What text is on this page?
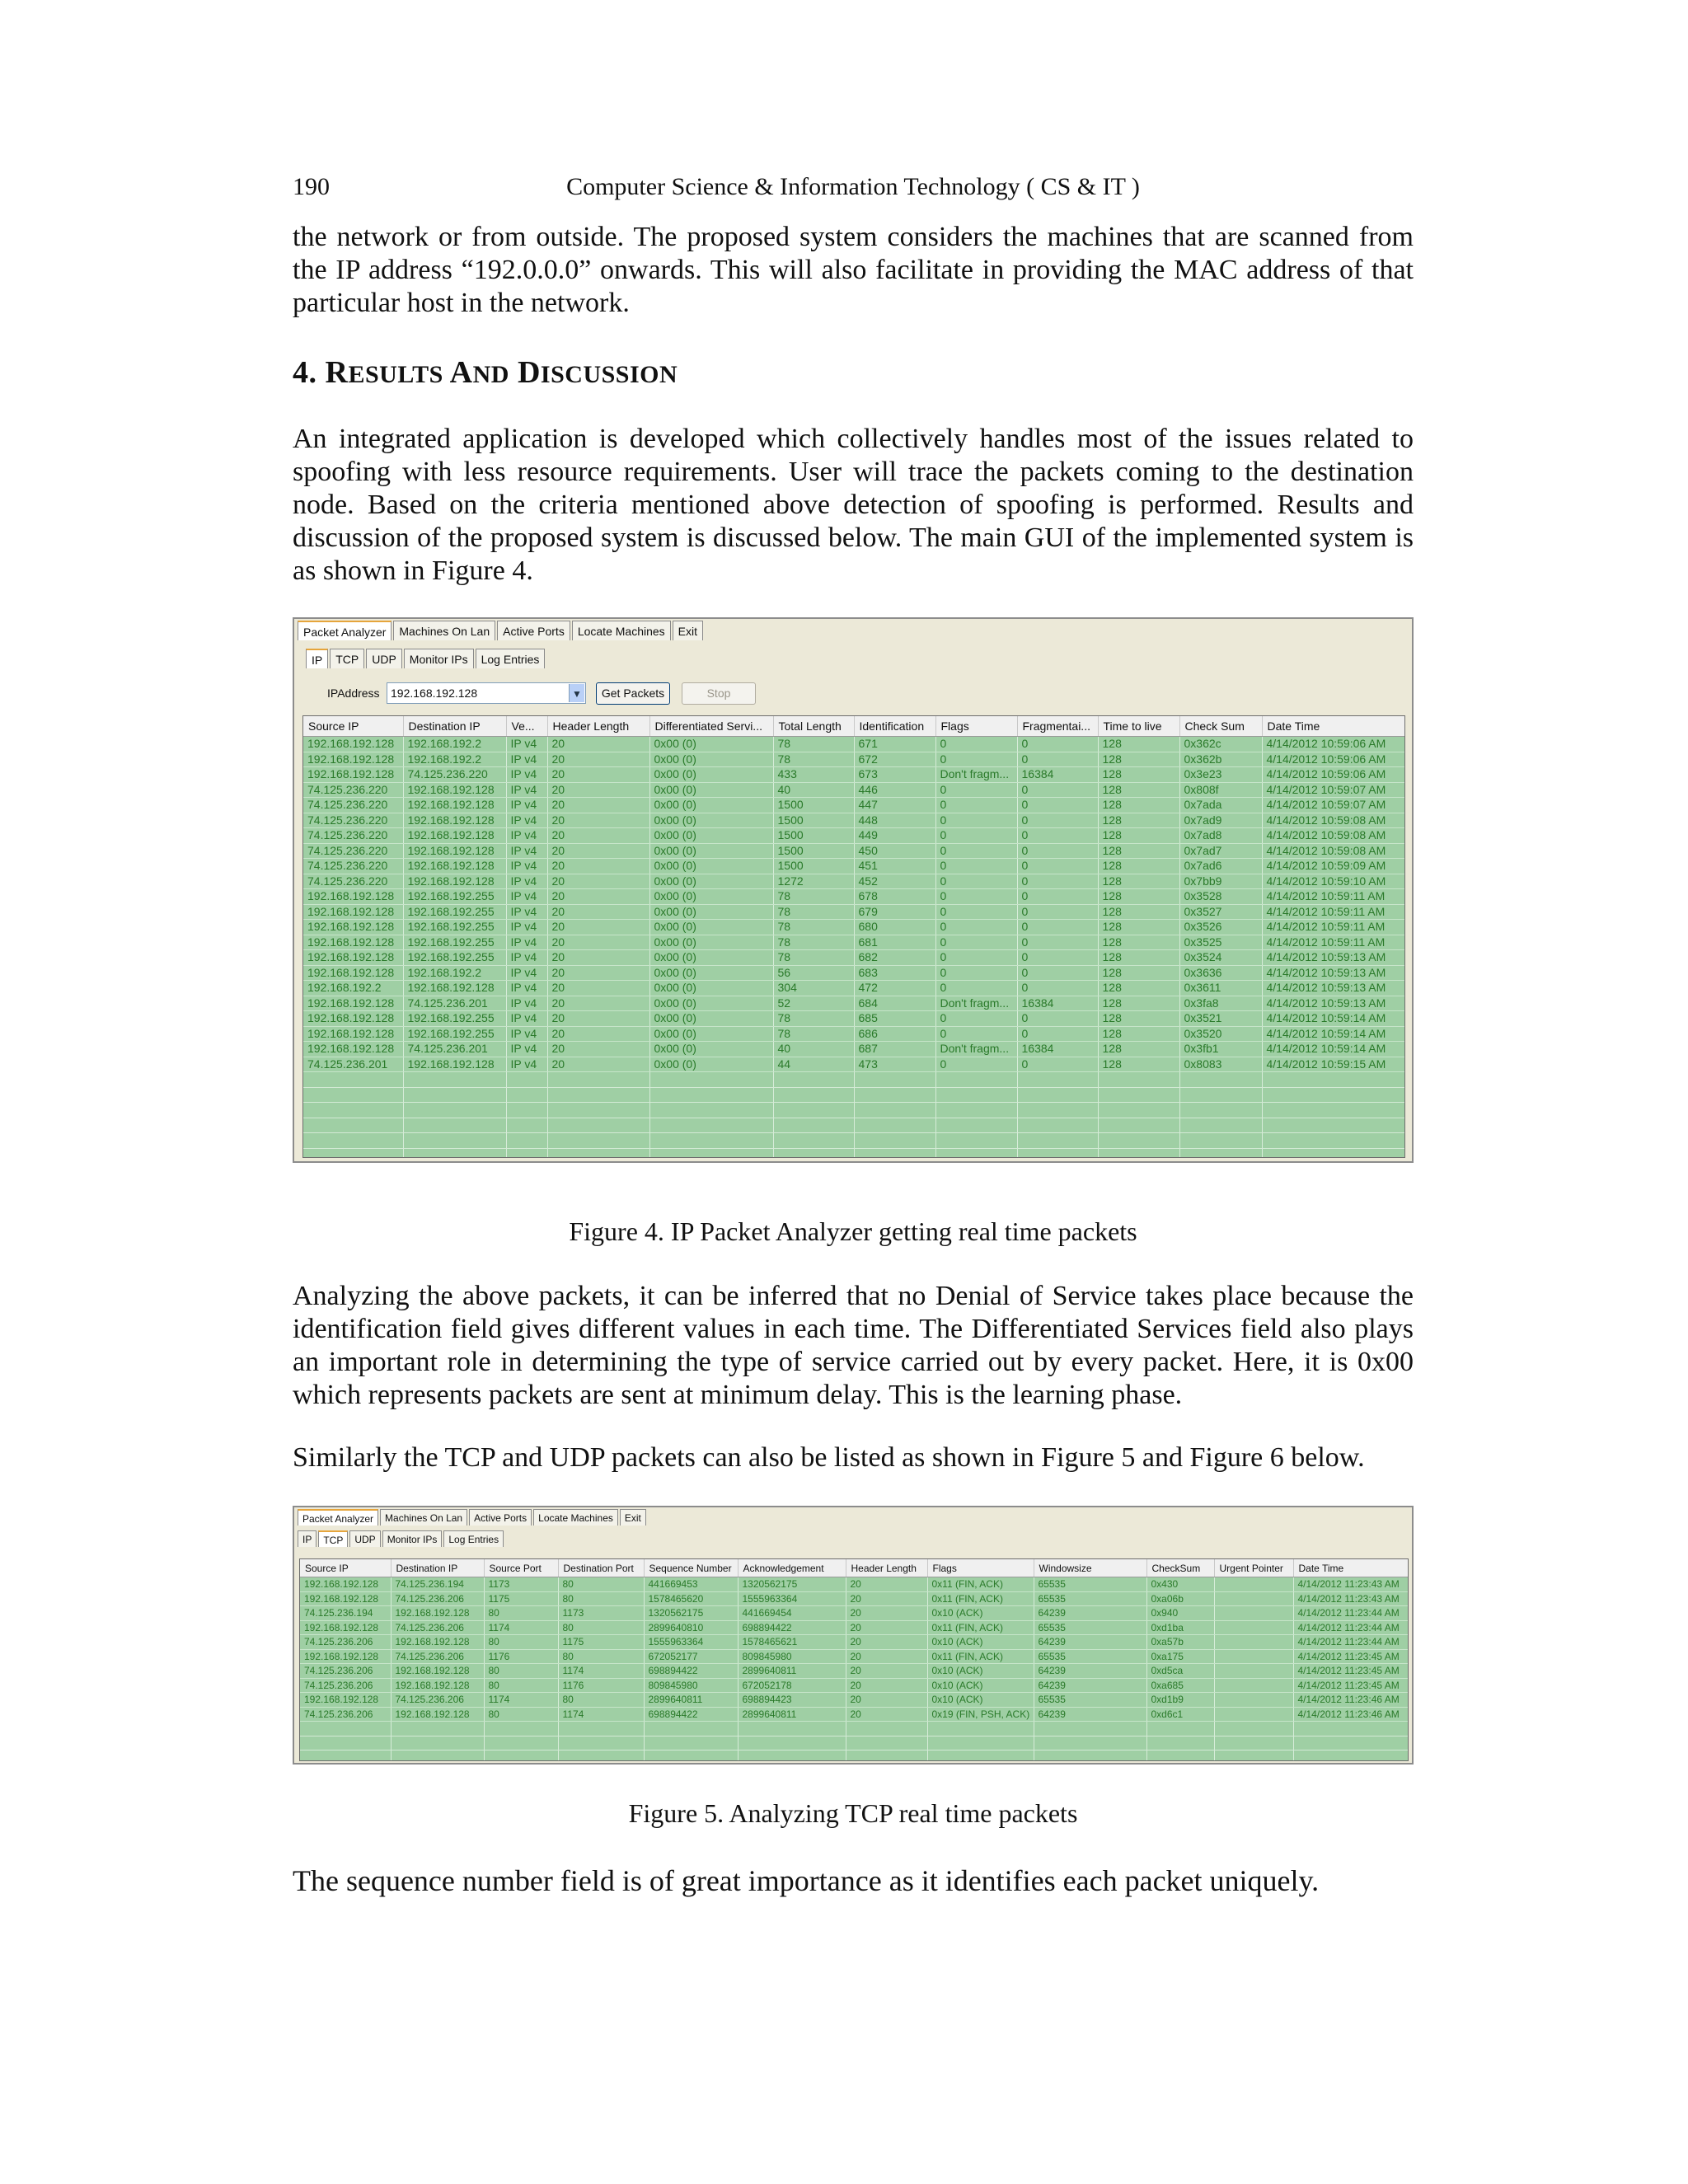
190	Computer Science & Information Technology ( CS & IT )

the network or from outside. The proposed system considers the machines that are scanned from the IP address “192.0.0.0” onwards. This will also facilitate in providing the MAC address of that particular host in the network.

4. RESULTS AND DISCUSSION

An integrated application is developed which collectively handles most of the issues related to spoofing with less resource requirements. User will trace the packets coming to the destination node. Based on the criteria mentioned above detection of spoofing is performed. Results and discussion of the proposed system is discussed below. The main GUI of the implemented system is as shown in Figure 4.

Packet Analyzer	Machines On Lan	Active Ports	Locate Machines	Exit
IP	TCP	UDP	Monitor IPs	Log Entries
IPAddress 192.168.192.128	▼	Get Packets	Stop
Source IP	Destination IP	Ve...	Header Length	Differentiated Servi...	Total Length	Identification	Flags	Fragmentai...	Time to live	Check Sum	Date Time
192.168.192.128	192.168.192.2	IP v4	20	0x00 (0)	78	671	0	0	128	0x362c	4/14/2012 10:59:06 AM
192.168.192.128	192.168.192.2	IP v4	20	0x00 (0)	78	672	0	0	128	0x362b	4/14/2012 10:59:06 AM
192.168.192.128	74.125.236.220	IP v4	20	0x00 (0)	433	673	Don't fragm...	16384	128	0x3e23	4/14/2012 10:59:06 AM
74.125.236.220	192.168.192.128	IP v4	20	0x00 (0)	40	446	0	0	128	0x808f	4/14/2012 10:59:07 AM
74.125.236.220	192.168.192.128	IP v4	20	0x00 (0)	1500	447	0	0	128	0x7ada	4/14/2012 10:59:07 AM
74.125.236.220	192.168.192.128	IP v4	20	0x00 (0)	1500	448	0	0	128	0x7ad9	4/14/2012 10:59:08 AM
74.125.236.220	192.168.192.128	IP v4	20	0x00 (0)	1500	449	0	0	128	0x7ad8	4/14/2012 10:59:08 AM
74.125.236.220	192.168.192.128	IP v4	20	0x00 (0)	1500	450	0	0	128	0x7ad7	4/14/2012 10:59:08 AM
74.125.236.220	192.168.192.128	IP v4	20	0x00 (0)	1500	451	0	0	128	0x7ad6	4/14/2012 10:59:09 AM
74.125.236.220	192.168.192.128	IP v4	20	0x00 (0)	1272	452	0	0	128	0x7bb9	4/14/2012 10:59:10 AM
192.168.192.128	192.168.192.255	IP v4	20	0x00 (0)	78	678	0	0	128	0x3528	4/14/2012 10:59:11 AM
192.168.192.128	192.168.192.255	IP v4	20	0x00 (0)	78	679	0	0	128	0x3527	4/14/2012 10:59:11 AM
192.168.192.128	192.168.192.255	IP v4	20	0x00 (0)	78	680	0	0	128	0x3526	4/14/2012 10:59:11 AM
192.168.192.128	192.168.192.255	IP v4	20	0x00 (0)	78	681	0	0	128	0x3525	4/14/2012 10:59:11 AM
192.168.192.128	192.168.192.255	IP v4	20	0x00 (0)	78	682	0	0	128	0x3524	4/14/2012 10:59:13 AM
192.168.192.128	192.168.192.2	IP v4	20	0x00 (0)	56	683	0	0	128	0x3636	4/14/2012 10:59:13 AM
192.168.192.2	192.168.192.128	IP v4	20	0x00 (0)	304	472	0	0	128	0x3611	4/14/2012 10:59:13 AM
192.168.192.128	74.125.236.201	IP v4	20	0x00 (0)	52	684	Don't fragm...	16384	128	0x3fa8	4/14/2012 10:59:13 AM
192.168.192.128	192.168.192.255	IP v4	20	0x00 (0)	78	685	0	0	128	0x3521	4/14/2012 10:59:14 AM
192.168.192.128	192.168.192.255	IP v4	20	0x00 (0)	78	686	0	0	128	0x3520	4/14/2012 10:59:14 AM
192.168.192.128	74.125.236.201	IP v4	20	0x00 (0)	40	687	Don't fragm...	16384	128	0x3fb1	4/14/2012 10:59:14 AM
74.125.236.201	192.168.192.128	IP v4	20	0x00 (0)	44	473	0	0	128	0x8083	4/14/2012 10:59:15 AM

Figure 4. IP Packet Analyzer getting real time packets

Analyzing the above packets, it can be inferred that no Denial of Service takes place because the identification field gives different values in each time. The Differentiated Services field also plays an important role in determining the type of service carried out by every packet. Here, it is 0x00 which represents packets are sent at minimum delay. This is the learning phase.

Similarly the TCP and UDP packets can also be listed as shown in Figure 5 and Figure 6 below.

Packet Analyzer	Machines On Lan	Active Ports	Locate Machines	Exit
IP	TCP	UDP	Monitor IPs	Log Entries
Source IP	Destination IP	Source Port	Destination Port	Sequence Number	Acknowledgement	Header Length	Flags	Windowsize	CheckSum	Urgent Pointer	Date Time
192.168.192.128	74.125.236.194	1173	80	441669453	1320562175	20	0x11 (FIN, ACK)	65535	0x430		4/14/2012 11:23:43 AM
192.168.192.128	74.125.236.206	1175	80	1578465620	1555963364	20	0x11 (FIN, ACK)	65535	0xa06b		4/14/2012 11:23:43 AM
74.125.236.194	192.168.192.128	80	1173	1320562175	441669454	20	0x10 (ACK)	64239	0x940		4/14/2012 11:23:44 AM
192.168.192.128	74.125.236.206	1174	80	2899640810	698894422	20	0x11 (FIN, ACK)	65535	0xd1ba		4/14/2012 11:23:44 AM
74.125.236.206	192.168.192.128	80	1175	1555963364	1578465621	20	0x10 (ACK)	64239	0xa57b		4/14/2012 11:23:44 AM
192.168.192.128	74.125.236.206	1176	80	672052177	809845980	20	0x11 (FIN, ACK)	65535	0xa175		4/14/2012 11:23:45 AM
74.125.236.206	192.168.192.128	80	1174	698894422	2899640811	20	0x10 (ACK)	64239	0xd5ca		4/14/2012 11:23:45 AM
74.125.236.206	192.168.192.128	80	1176	809845980	672052178	20	0x10 (ACK)	64239	0xa685		4/14/2012 11:23:45 AM
192.168.192.128	74.125.236.206	1174	80	2899640811	698894423	20	0x10 (ACK)	65535	0xd1b9		4/14/2012 11:23:46 AM
74.125.236.206	192.168.192.128	80	1174	698894422	2899640811	20	0x19 (FIN, PSH, ACK)	64239	0xd6c1		4/14/2012 11:23:46 AM

Figure 5. Analyzing TCP real time packets

The sequence number field is of great importance as it identifies each packet uniquely.
